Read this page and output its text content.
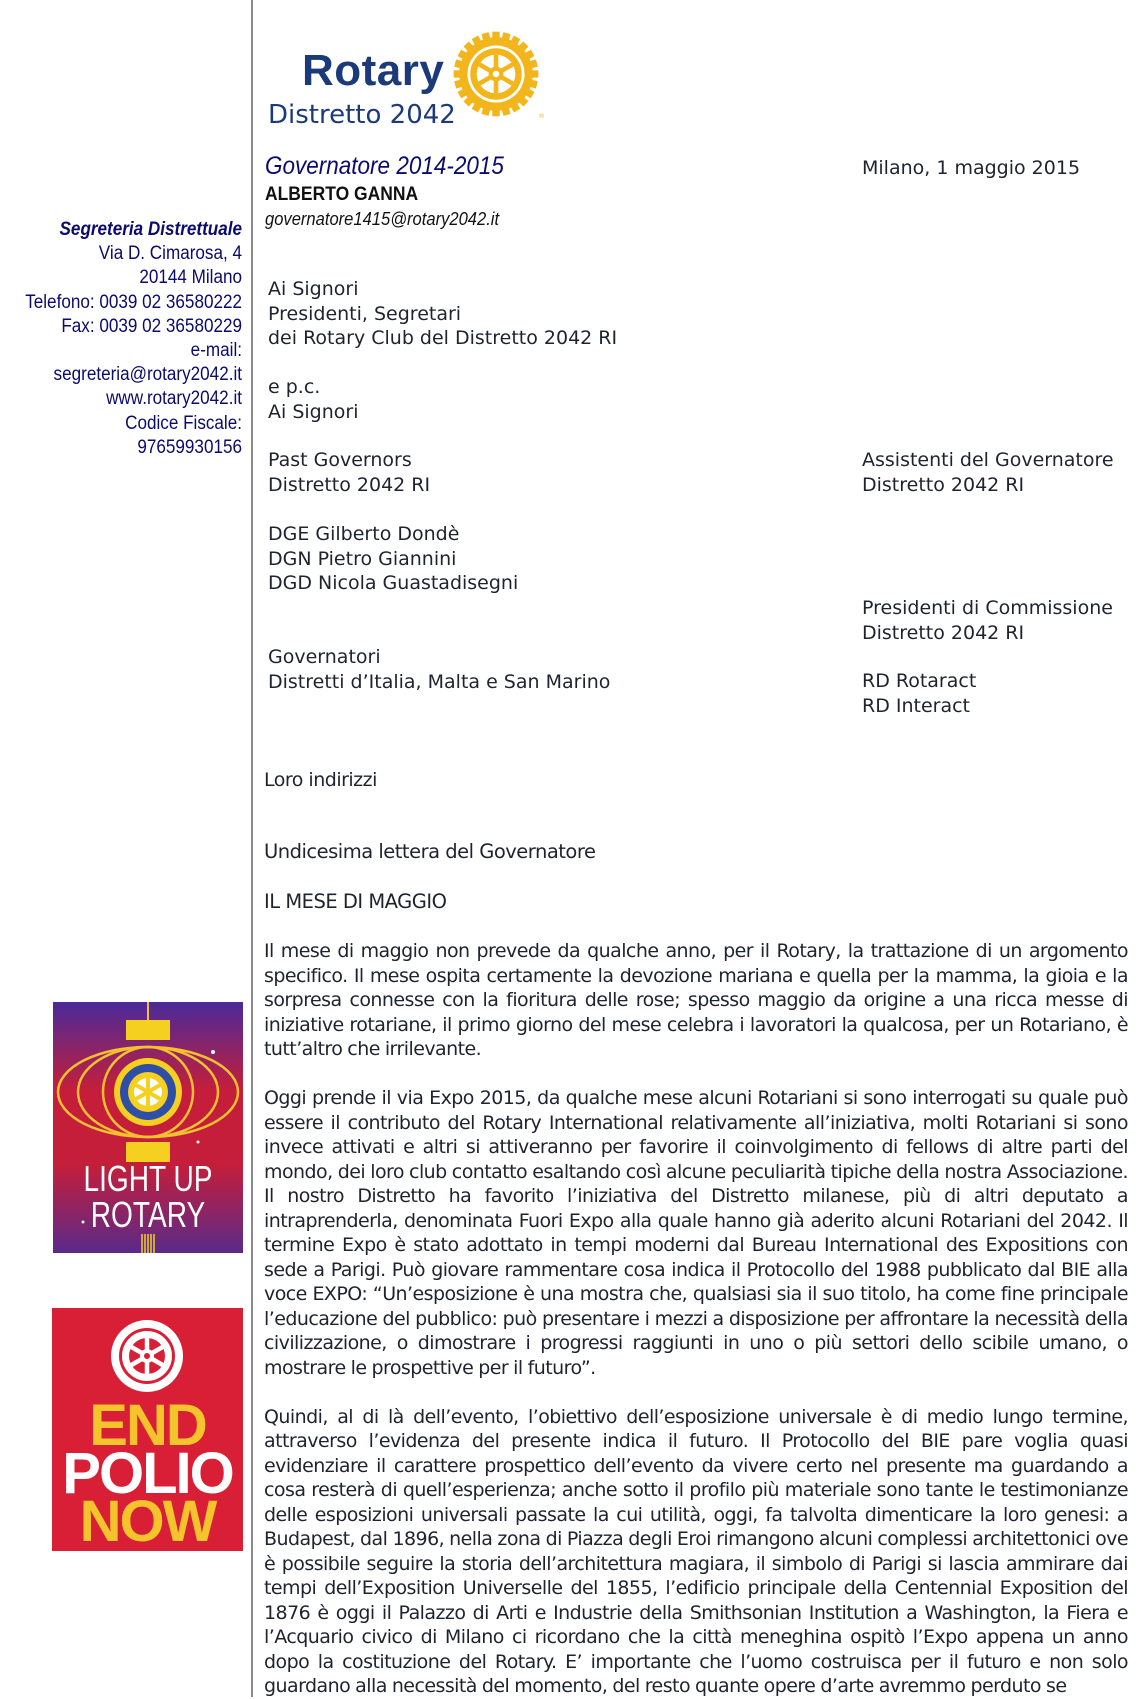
Rotary
Distretto 2042	®
Segreteria Distrettuale
Via D. Cimarosa, 4
20144 Milano
Telefono: 0039 02 36580222
Fax: 0039 02 36580229
e-mail:
segreteria@rotary2042.it
www.rotary2042.it
Codice Fiscale: 97659930156
Governatore 2014-2015
ALBERTO GANNA
governatore1415@rotary2042.it
Milano, 1 maggio 2015
Ai Signori
Presidenti, Segretari
dei Rotary Club del Distretto 2042 RI
e p.c.
Ai Signori
Past Governors
Distretto 2042 RI
DGE Gilberto Dondè
DGN Pietro Giannini
DGD Nicola Guastadisegni
Governatori
Distretti d’Italia, Malta e San Marino
Assistenti del Governatore
Distretto 2042 RI
Presidenti di Commissione
Distretto 2042 RI
RD Rotaract
RD Interact
Loro indirizzi
Undicesima lettera del Governatore
IL MESE DI MAGGIO

Il mese di maggio non prevede da qualche anno, per il Rotary, la trattazione di un argomento specifico. Il mese ospita certamente la devozione mariana e quella per la mamma, la gioia e la sorpresa connesse con la fioritura delle rose; spesso maggio da origine a una ricca messe di iniziative rotariane, il primo giorno del mese celebra i lavoratori la qualcosa, per un Rotariano, è tutt’altro che irrilevante.

Oggi prende il via Expo 2015, da qualche mese alcuni Rotariani si sono interrogati su quale può essere il contributo del Rotary International relativamente all’iniziativa, molti Rotariani si sono invece attivati e altri si attiveranno per favorire il coinvolgimento di fellows di altre parti del mondo, dei loro club contatto esaltando così alcune peculiarità tipiche della nostra Associazione. Il nostro Distretto ha favorito l’iniziativa del Distretto milanese, più di altri deputato a intraprenderla, denominata Fuori Expo alla quale hanno già aderito alcuni Rotariani del 2042. Il termine Expo è stato adottato in tempi moderni dal Bureau International des Expositions con sede a Parigi. Può giovare rammentare cosa indica il Protocollo del 1988 pubblicato dal BIE alla voce EXPO: “Un’esposizione è una mostra che, qualsiasi sia il suo titolo, ha come fine principale l’educazione del pubblico: può presentare i mezzi a disposizione per affrontare la necessità della civilizzazione, o dimostrare i progressi raggiunti in uno o più settori dello scibile umano, o mostrare le prospettive per il futuro”.

Quindi, al di là dell’evento, l’obiettivo dell’esposizione universale è di medio lungo termine, attraverso l’evidenza del presente indica il futuro. Il Protocollo del BIE pare voglia quasi evidenziare il carattere prospettico dell’evento da vivere certo nel presente ma guardando a cosa resterà di quell’esperienza; anche sotto il profilo più materiale sono tante le testimonianze delle esposizioni universali passate la cui utilità, oggi, fa talvolta dimenticare la loro genesi: a Budapest, dal 1896, nella zona di Piazza degli Eroi rimangono alcuni complessi architettonici ove è possibile seguire la storia dell’architettura magiara, il simbolo di Parigi si lascia ammirare dai tempi dell’Exposition Universelle del 1855, l’edificio principale della Centennial Exposition del 1876 è oggi il Palazzo di Arti e Industrie della Smithsonian Institution a Washington, la Fiera e l’Acquario civico di Milano ci ricordano che la città meneghina ospitò l’Expo appena un anno dopo la costituzione del Rotary. E’ importante che l’uomo costruisca per il futuro e non solo guardano alla necessità del momento, del resto quante opere d’arte avremmo perduto se

LIGHT UP
ROTARY
END
POLIO
NOW
